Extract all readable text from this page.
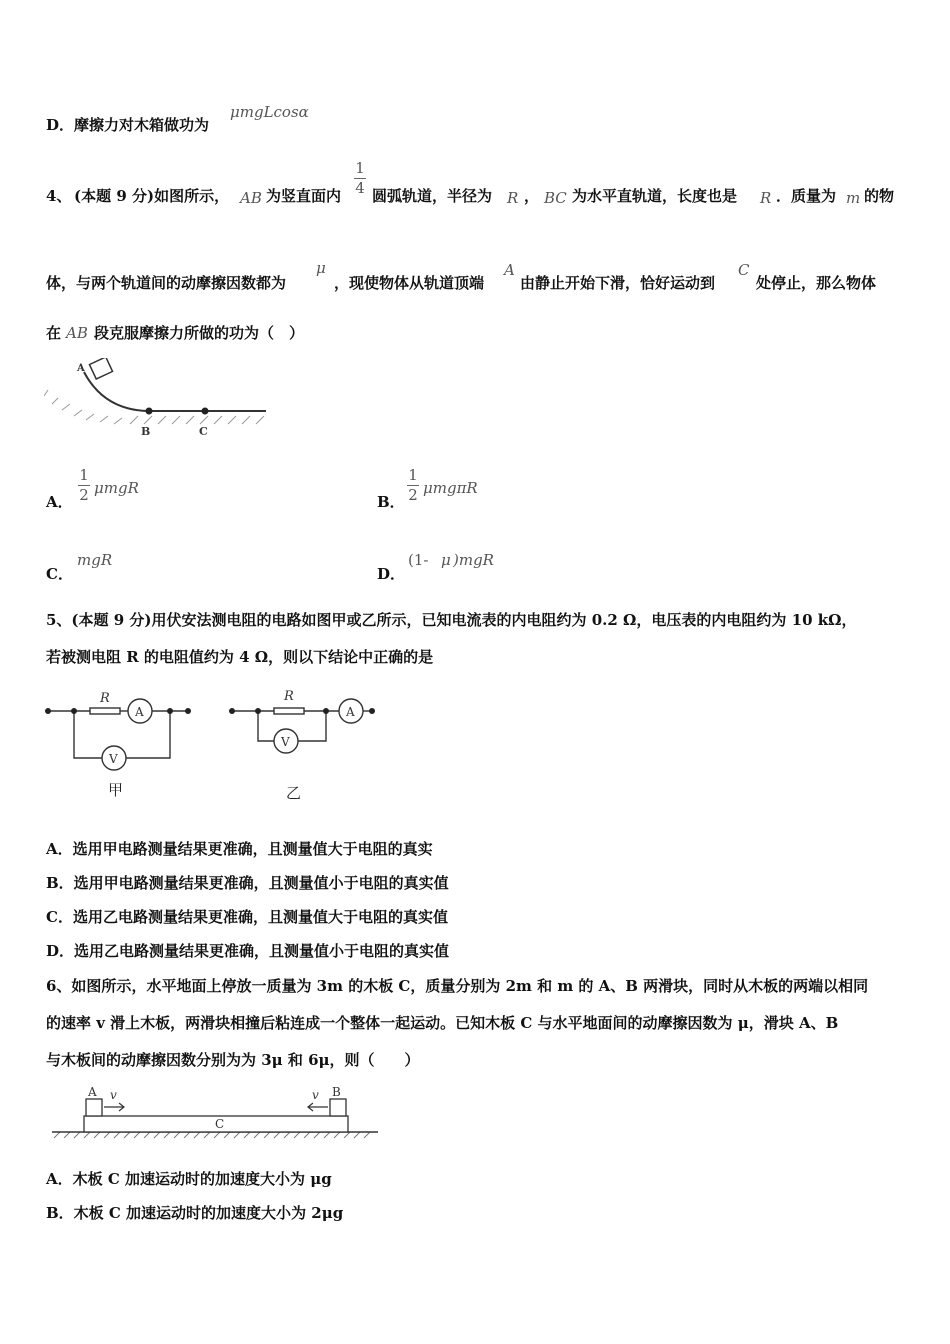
D． 摩擦力对木箱做功为
μmgLcosα
4、 (本题 9 分)如图所示， AB 为竖直面内
1
4 圆弧轨道，半径为 R ， BC 为水平直轨道，长度也是 R ．质量为 m 的物
体，与两个轨道间的动摩擦因数都为
μ
，现使物体从轨道顶端
A
由静止开始下滑，恰好运动到
C
处停止，那么物体
在 AB 段克服摩擦力所做的功为（　）
A
B	C
A．
1
2 μmgR
B．
1
2 μmgπR
C．
mgR
D．
(1- μ )mgR
5、(本题 9 分)用伏安法测电阻的电路如图甲或乙所示，已知电流表的内电阻约为 0.2 Ω，电压表的内电阻约为 10 kΩ，
若被测电阻 R 的电阻值约为 4 Ω，则以下结论中正确的是
R
A
V
甲
R
A
V
乙
A．选用甲电路测量结果更准确，且测量值大于电阻的真实
B．选用甲电路测量结果更准确，且测量值小于电阻的真实值
C．选用乙电路测量结果更准确，且测量值大于电阻的真实值
D．选用乙电路测量结果更准确，且测量值小于电阻的真实值
6、如图所示，水平地面上停放一质量为 3m 的木板 C，质量分别为 2m 和 m 的 A、B 两滑块，同时从木板的两端以相同
的速率 v 滑上木板，两滑块相撞后粘连成一个整体一起运动。已知木板 C 与水平地面间的动摩擦因数为 μ，滑块 A、B
与木板间的动摩擦因数分别为为 3μ 和 6μ，则（　　）
A	B
C
v	v
A．木板 C 加速运动时的加速度大小为 μg
B．木板 C 加速运动时的加速度大小为 2μg
